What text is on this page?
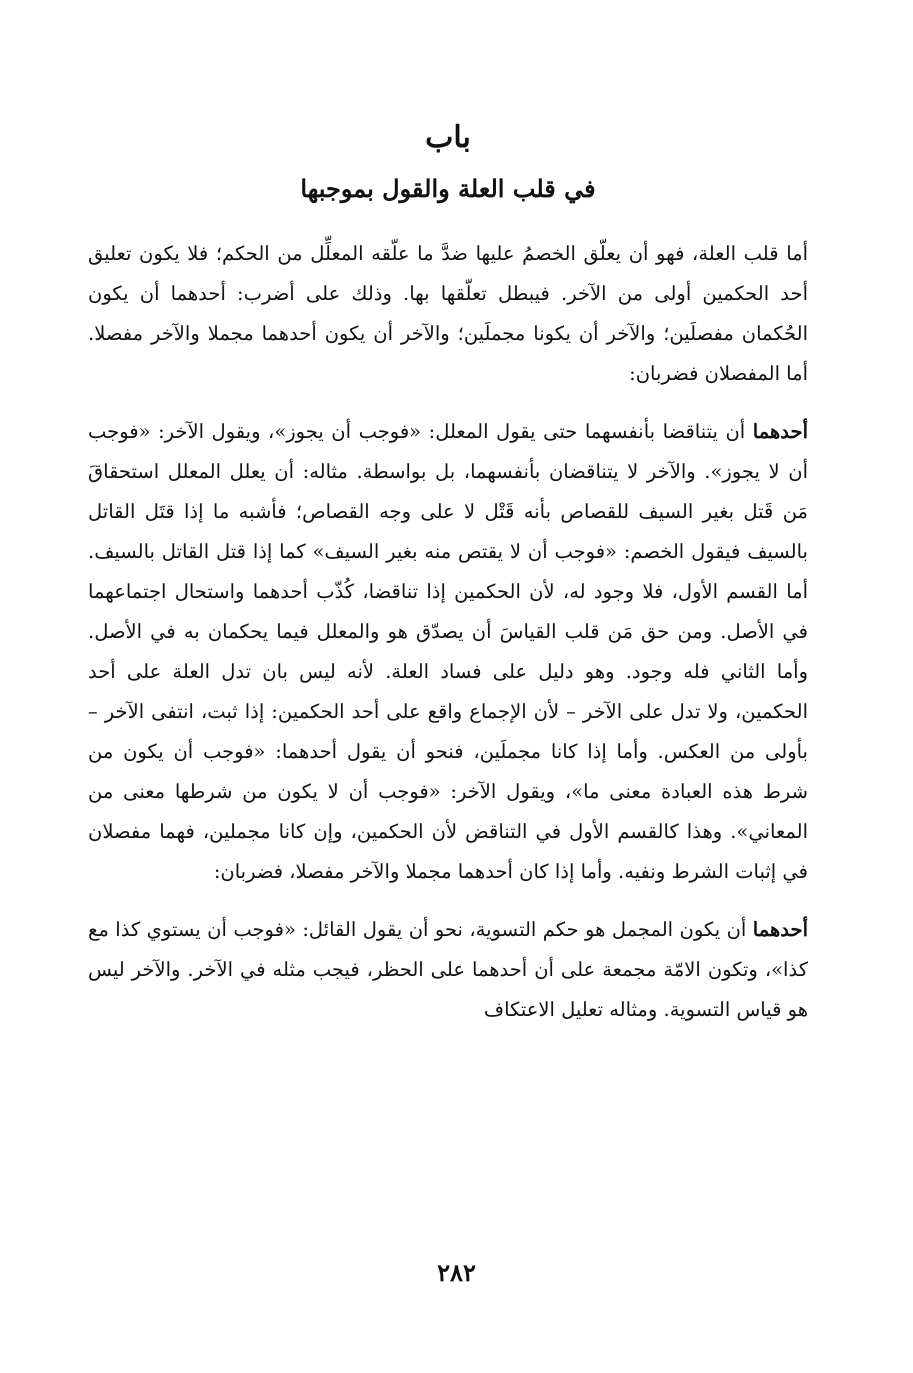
باب
في قلب العلة والقول بموجبها

أما قلب العلة، فهو أن يعلّق الخصمُ عليها ضدَّ ما علّقه المعلِّل من الحكم؛ فلا يكون تعليق أحد الحكمين أولى من الآخر. فيبطل تعلّقها بها. وذلك على أضرب: أحدهما أن يكون الحُكمان مفصلَين؛ والآخر أن يكونا مجملَين؛ والآخر أن يكون أحدهما مجملا والآخر مفصلا. أما المفصلان فضربان:

أحدهما أن يتناقضا بأنفسهما حتى يقول المعلل: «فوجب أن يجوز»، ويقول الآخر: «فوجب أن لا يجوز». والآخر لا يتناقضان بأنفسهما، بل بواسطة. مثاله: أن يعلل المعلل استحقاقَ مَن قَتل بغير السيف للقصاص بأنه قَتْل لا على وجه القصاص؛ فأشبه ما إذا قتَل القاتل بالسيف فيقول الخصم: «فوجب أن لا يقتص منه بغير السيف» كما إذا قتل القاتل بالسيف. أما القسم الأول، فلا وجود له، لأن الحكمين إذا تناقضا، كُذّب أحدهما واستحال اجتماعهما في الأصل. ومن حق مَن قلب القياسَ أن يصدّق هو والمعلل فيما يحكمان به في الأصل. وأما الثاني فله وجود. وهو دليل على فساد العلة. لأنه ليس بان تدل العلة على أحد الحكمين، ولا تدل على الآخر – لأن الإجماع واقع على أحد الحكمين: إذا ثبت، انتفى الآخر – بأولى من العكس. وأما إذا كانا مجملَين، فنحو أن يقول أحدهما: «فوجب أن يكون من شرط هذه العبادة معنى ما»، ويقول الآخر: «فوجب أن لا يكون من شرطها معنى من المعاني». وهذا كالقسم الأول في التناقض لأن الحكمين، وإن كانا مجملين، فهما مفصلان في إثبات الشرط ونفيه. وأما إذا كان أحدهما مجملا والآخر مفصلا، فضربان:

أحدهما أن يكون المجمل هو حكم التسوية، نحو أن يقول القائل: «فوجب أن يستوي كذا مع كذا»، وتكون الامّة مجمعة على أن أحدهما على الحظر، فيجب مثله في الآخر. والآخر ليس هو قياس التسوية. ومثاله تعليل الاعتكاف

٢٨٢
